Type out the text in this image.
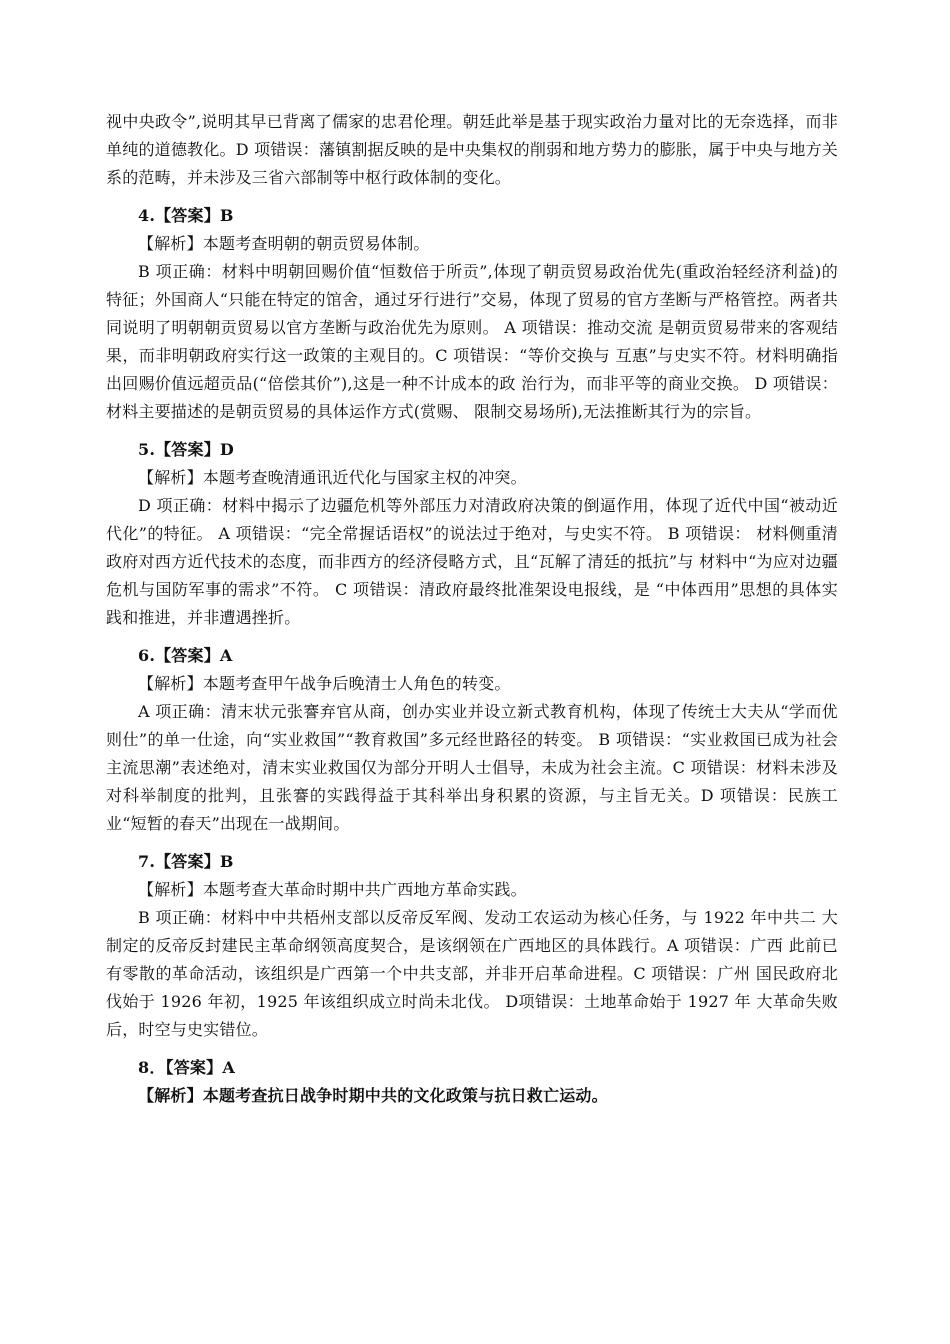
视中央政令”,说明其早已背离了儒家的忠君伦理。朝廷此举是基于现实政治力量对比的无奈选择，而非单纯的道德教化。D 项错误：藩镇割据反映的是中央集权的削弱和地方势力的膨胀，属于中央与地方关系的范畴，并未涉及三省六部制等中枢行政体制的变化。

4.【答案】B

【解析】本题考查明朝的朝贡贸易体制。

B 项正确：材料中明朝回赐价值“恒数倍于所贡”,体现了朝贡贸易政治优先(重政治轻经济利益)的特征；外国商人“只能在特定的馆舍，通过牙行进行”交易，体现了贸易的官方垄断与严格管控。两者共同说明了明朝朝贡贸易以官方垄断与政治优先为原则。 A 项错误：推动交流 是朝贡贸易带来的客观结果，而非明朝政府实行这一政策的主观目的。C 项错误：“等价交换与 互惠”与史实不符。材料明确指出回赐价值远超贡品(“倍偿其价”),这是一种不计成本的政 治行为，而非平等的商业交换。 D 项错误：材料主要描述的是朝贡贸易的具体运作方式(赏赐、 限制交易场所),无法推断其行为的宗旨。

5.【答案】D

【解析】本题考查晚清通讯近代化与国家主权的冲突。

D 项正确：材料中揭示了边疆危机等外部压力对清政府决策的倒逼作用，体现了近代中国“被动近代化”的特征。 A 项错误：“完全常握话语权”的说法过于绝对，与史实不符。 B 项错误： 材料侧重清政府对西方近代技术的态度，而非西方的经济侵略方式，且“瓦解了清廷的抵抗”与 材料中“为应对边疆危机与国防军事的需求”不符。 C 项错误：清政府最终批准架设电报线，是 “中体西用”思想的具体实践和推进，并非遭遇挫折。

6.【答案】A

【解析】本题考查甲午战争后晚清士人角色的转变。

A 项正确：清末状元张謇弃官从商，创办实业并设立新式教育机构，体现了传统士大夫从“学而优则仕”的单一仕途，向“实业救国”“教育救国”多元经世路径的转变。 B 项错误：“实业救国已成为社会主流思潮”表述绝对，清末实业救国仅为部分开明人士倡导，未成为社会主流。C 项错误：材料未涉及对科举制度的批判，且张謇的实践得益于其科举出身积累的资源，与主旨无关。D 项错误：民族工业“短暂的春天”出现在一战期间。

7.【答案】B

【解析】本题考查大革命时期中共广西地方革命实践。

B 项正确：材料中中共梧州支部以反帝反军阀、发动工农运动为核心任务，与 1922 年中共二 大制定的反帝反封建民主革命纲领高度契合，是该纲领在广西地区的具体践行。A 项错误：广西 此前已有零散的革命活动，该组织是广西第一个中共支部，并非开启革命进程。C 项错误：广州 国民政府北伐始于 1926 年初，1925 年该组织成立时尚未北伐。 D项错误：土地革命始于 1927 年 大革命失败后，时空与史实错位。

8．【答案】A

【解析】本题考查抗日战争时期中共的文化政策与抗日救亡运动。
